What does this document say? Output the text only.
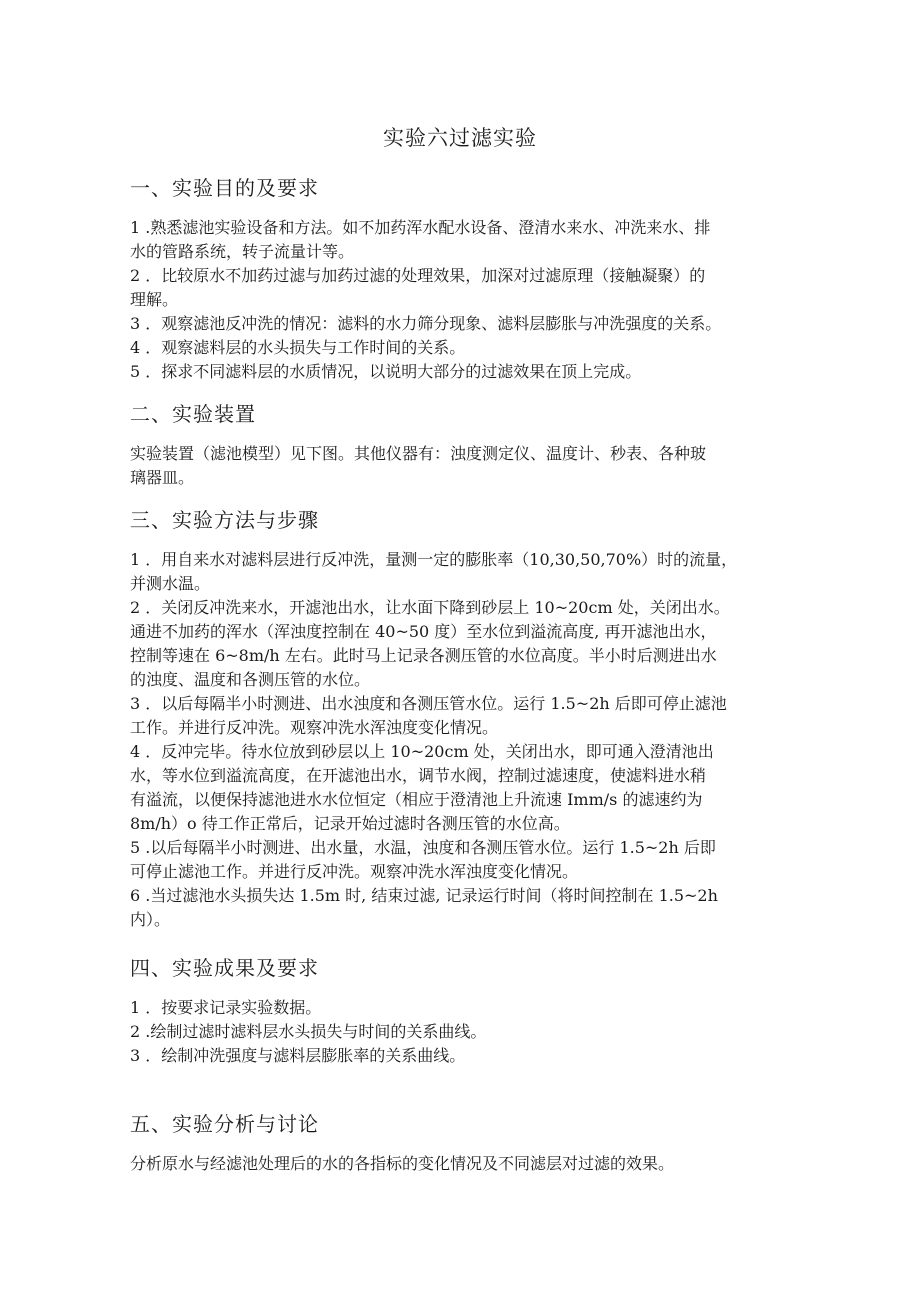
实验六过滤实验
一、实验目的及要求
1 .熟悉滤池实验设备和方法。如不加药浑水配水设备、澄清水来水、冲洗来水、排
水的管路系统，转子流量计等。
2 ．比较原水不加药过滤与加药过滤的处理效果，加深对过滤原理（接触凝聚）的
理解。
3 ．观察滤池反冲洗的情况：滤料的水力筛分现象、滤料层膨胀与冲洗强度的关系。
4 ．观察滤料层的水头损失与工作时间的关系。
5 ．探求不同滤料层的水质情况，以说明大部分的过滤效果在顶上完成。
二、实验装置
实验装置（滤池模型）见下图。其他仪器有：浊度测定仪、温度计、秒表、各种玻
璃器皿。
三、实验方法与步骤
1 ．用自来水对滤料层进行反冲洗，量测一定的膨胀率（10,30,50,70%）时的流量，
并测水温。
2 ．关闭反冲洗来水，开滤池出水，让水面下降到砂层上 10~20cm 处，关闭出水。
通进不加药的浑水（浑浊度控制在 40~50 度）至水位到溢流高度, 再开滤池出水，
控制等速在 6~8m/h 左右。此时马上记录各测压管的水位高度。半小时后测进出水
的浊度、温度和各测压管的水位。
3 ．以后每隔半小时测进、出水浊度和各测压管水位。运行 1.5~2h 后即可停止滤池
工作。并进行反冲洗。观察冲洗水浑浊度变化情况。
4 ．反冲完毕。待水位放到砂层以上 10~20cm 处，关闭出水，即可通入澄清池出
水，等水位到溢流高度，在开滤池出水，调节水阀，控制过滤速度，使滤料进水稍
有溢流，以便保持滤池进水水位恒定（相应于澄清池上升流速 Imm/s 的滤速约为
8m/h）o 待工作正常后，记录开始过滤时各测压管的水位高。
5 .以后每隔半小时测进、出水量，水温，浊度和各测压管水位。运行 1.5~2h 后即
可停止滤池工作。并进行反冲洗。观察冲洗水浑浊度变化情况。
6 .当过滤池水头损失达 1.5m 时, 结束过滤, 记录运行时间（将时间控制在 1.5~2h
内）。
四、实验成果及要求
1 ．按要求记录实验数据。
2 .绘制过滤时滤料层水头损失与时间的关系曲线。
3 ．绘制冲洗强度与滤料层膨胀率的关系曲线。
五、实验分析与讨论
分析原水与经滤池处理后的水的各指标的变化情况及不同滤层对过滤的效果。
